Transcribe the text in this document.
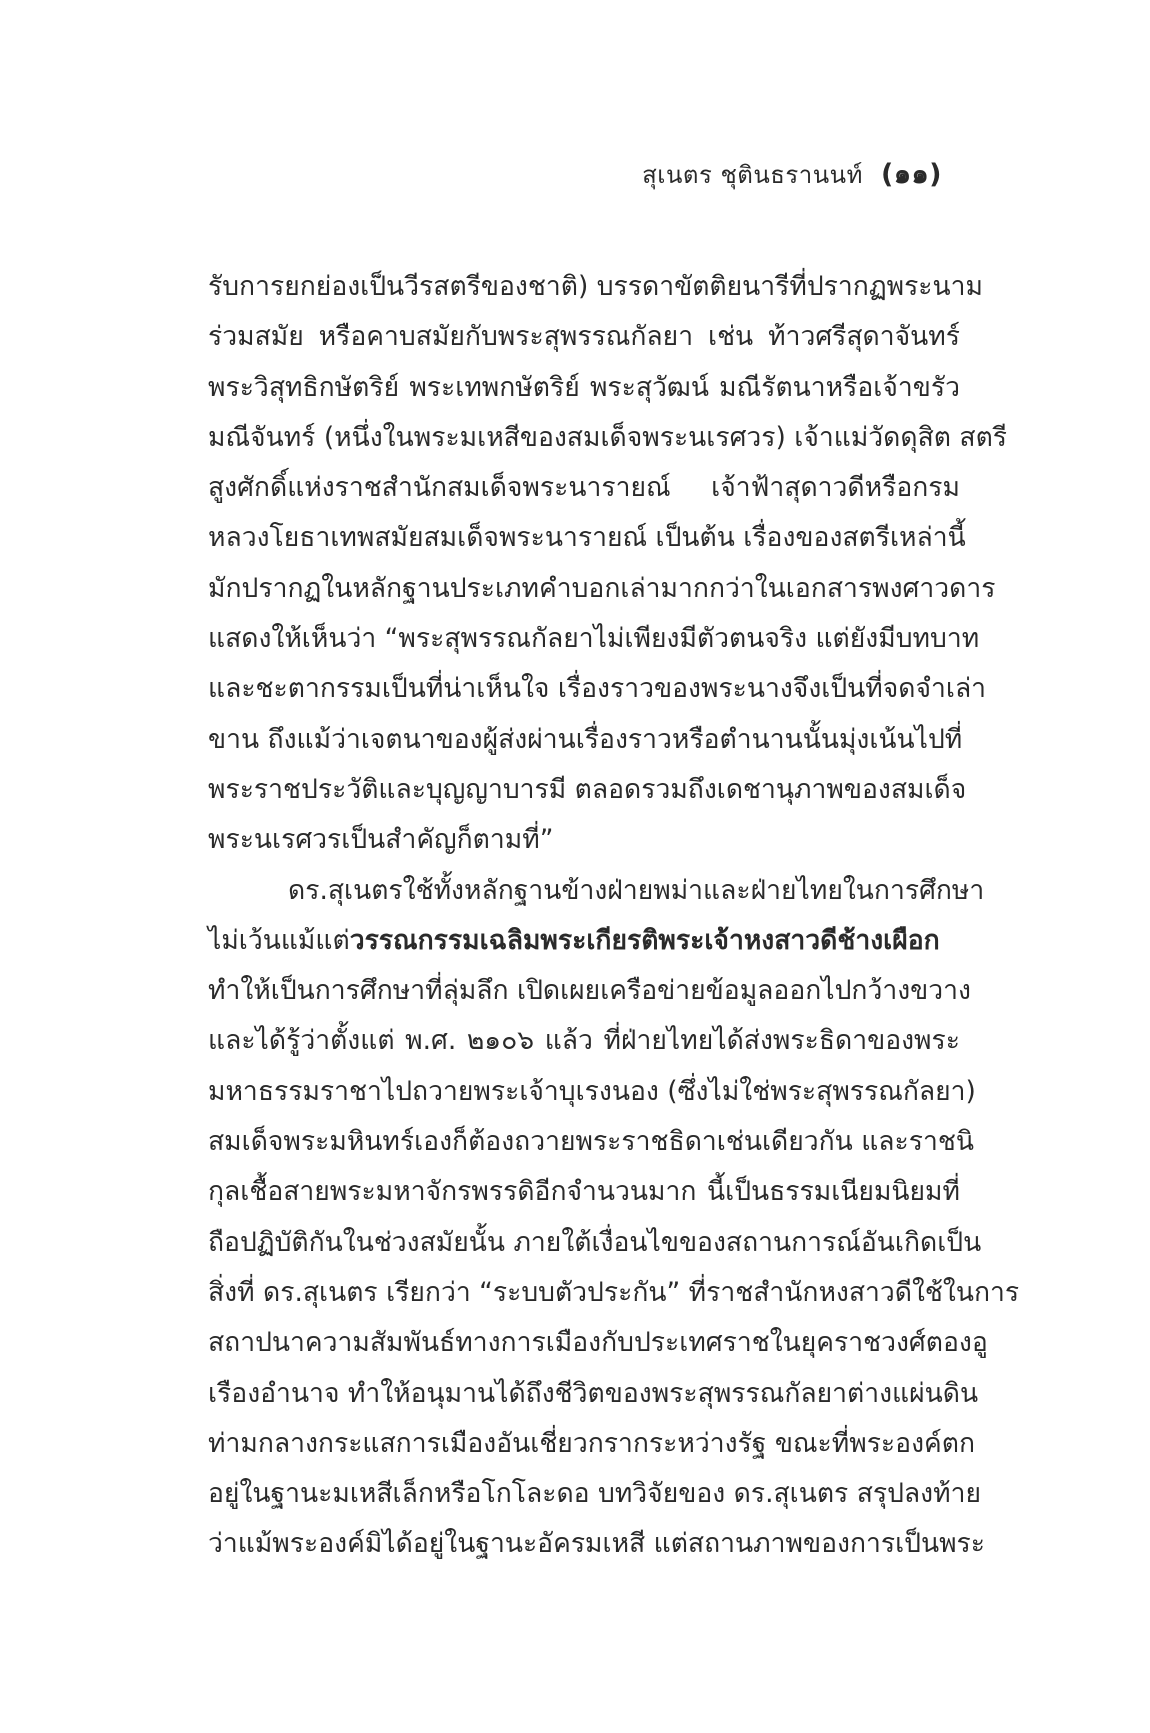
สุเนตร ชุตินธรานนท์ (๑๑)
รับการยกย่องเป็นวีรสตรีของชาติ) บรรดาขัตติยนารีที่ปรากฏพระนาม
ร่วมสมัย หรือคาบสมัยกับพระสุพรรณกัลยา เช่น ท้าวศรีสุดาจันทร์
พระวิสุทธิกษัตริย์ พระเทพกษัตริย์ พระสุวัฒน์ มณีรัตนาหรือเจ้าขรัว
มณีจันทร์ (หนึ่งในพระมเหสีของสมเด็จพระนเรศวร) เจ้าแม่วัดดุสิต สตรี
สูงศักดิ์แห่งราชสำนักสมเด็จพระนารายณ์ เจ้าฟ้าสุดาวดีหรือกรม
หลวงโยธาเทพสมัยสมเด็จพระนารายณ์ เป็นต้น เรื่องของสตรีเหล่านี้
มักปรากฏในหลักฐานประเภทคำบอกเล่ามากกว่าในเอกสารพงศาวดาร
แสดงให้เห็นว่า “พระสุพรรณกัลยาไม่เพียงมีตัวตนจริง แต่ยังมีบทบาท
และชะตากรรมเป็นที่น่าเห็นใจ เรื่องราวของพระนางจึงเป็นที่จดจำเล่า
ขาน ถึงแม้ว่าเจตนาของผู้ส่งผ่านเรื่องราวหรือตำนานนั้นมุ่งเน้นไปที่
พระราชประวัติและบุญญาบารมี ตลอดรวมถึงเดชานุภาพของสมเด็จ
พระนเรศวรเป็นสำคัญก็ตามที่”
ดร.สุเนตรใช้ทั้งหลักฐานข้างฝ่ายพม่าและฝ่ายไทยในการศึกษา
ไม่เว้นแม้แต่วรรณกรรมเฉลิมพระเกียรติพระเจ้าหงสาวดีช้างเผือก
ทำให้เป็นการศึกษาที่ลุ่มลึก เปิดเผยเครือข่ายข้อมูลออกไปกว้างขวาง
และได้รู้ว่าตั้งแต่ พ.ศ. ๒๑๐๖ แล้ว ที่ฝ่ายไทยได้ส่งพระธิดาของพระ
มหาธรรมราชาไปถวายพระเจ้าบุเรงนอง (ซึ่งไม่ใช่พระสุพรรณกัลยา)
สมเด็จพระมหินทร์เองก็ต้องถวายพระราชธิดาเช่นเดียวกัน และราชนิ
กุลเชื้อสายพระมหาจักรพรรดิอีกจำนวนมาก นี้เป็นธรรมเนียมนิยมที่
ถือปฏิบัติกันในช่วงสมัยนั้น ภายใต้เงื่อนไขของสถานการณ์อันเกิดเป็น
สิ่งที่ ดร.สุเนตร เรียกว่า “ระบบตัวประกัน” ที่ราชสำนักหงสาวดีใช้ในการ
สถาปนาความสัมพันธ์ทางการเมืองกับประเทศราชในยุคราชวงศ์ตองอู
เรืองอำนาจ ทำให้อนุมานได้ถึงชีวิตของพระสุพรรณกัลยาต่างแผ่นดิน
ท่ามกลางกระแสการเมืองอันเชี่ยวกรากระหว่างรัฐ ขณะที่พระองค์ตก
อยู่ในฐานะมเหสีเล็กหรือโกโละดอ บทวิจัยของ ดร.สุเนตร สรุปลงท้าย
ว่าแม้พระองค์มิได้อยู่ในฐานะอัครมเหสี แต่สถานภาพของการเป็นพระ
